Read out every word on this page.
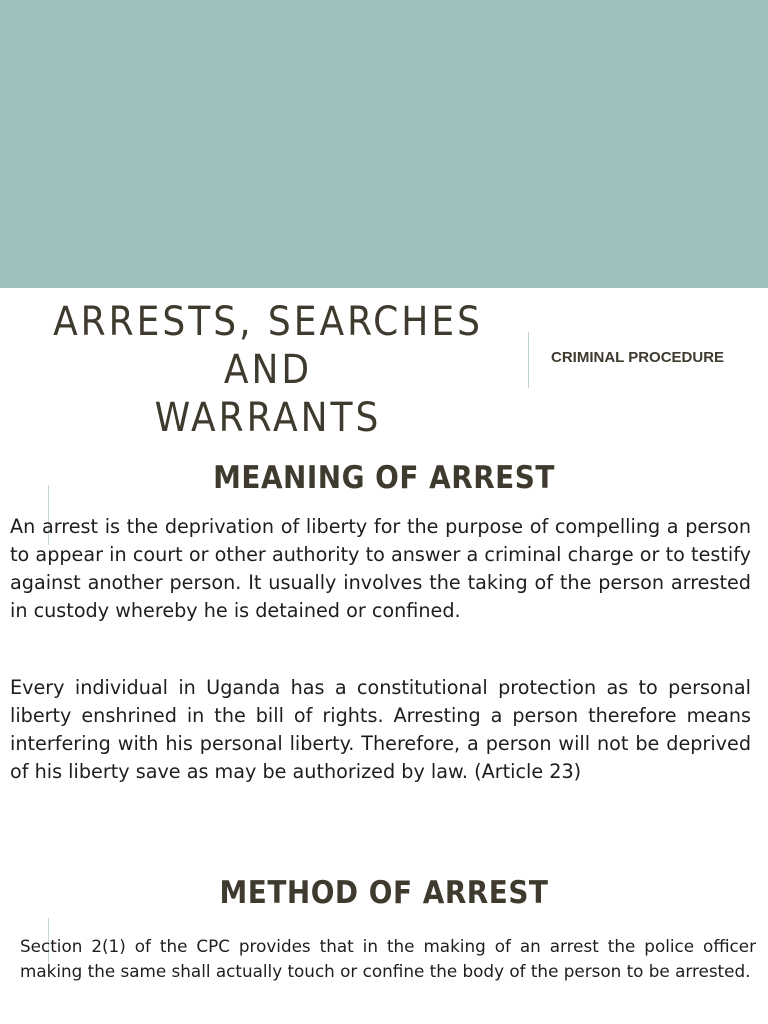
ARRESTS, SEARCHES AND
WARRANTS
CRIMINAL PROCEDURE
MEANING OF ARREST
An arrest is the deprivation of liberty for the purpose of compelling a person to appear in court or other authority to answer a criminal charge or to testify against another person. It usually involves the taking of the person arrested in custody whereby he is detained or confined.
Every individual in Uganda has a constitutional protection as to personal liberty enshrined in the bill of rights. Arresting a person therefore means interfering with his personal liberty. Therefore, a person will not be deprived of his liberty save as may be authorized by law. (Article 23)
METHOD OF ARREST
Section 2(1) of the CPC provides that in the making of an arrest the police officer making the same shall actually touch or confine the body of the person to be arrested.
